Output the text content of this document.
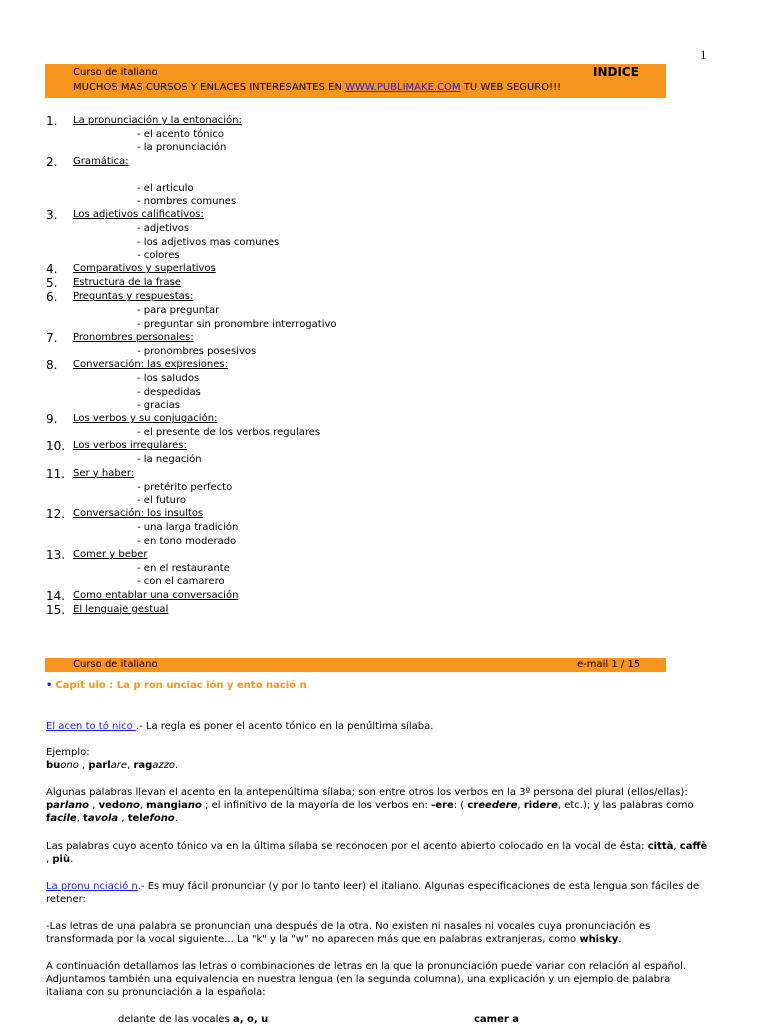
1
Curso de italiano
MUCHOS MAS CURSOS Y ENLACES INTERESANTES EN WWW.PUBLIMAKE.COM TU WEB SEGURO!!!
INDICE
1. La pronunciación y la entonación:
- el acento tónico
- la pronunciación
2. Gramática:
- el articulo
- nombres comunes
3. Los adjetivos calificativos:
- adjetivos
- los adjetivos mas comunes
- colores
4. Comparativos y superlativos
5. Estructura de la frase
6. Preguntas y respuestas:
- para preguntar
- preguntar sin pronombre interrogativo
7. Pronombres personales:
- pronombres posesivos
8. Conversación: las expresiones:
- los saludos
- despedidas
- gracias
9. Los verbos y su conjugación:
- el presente de los verbos regulares
10. Los verbos irregulares:
- la negación
11. Ser y haber:
- pretérito perfecto
- el futuro
12. Conversación: los insultos
- una larga tradición
- en tono moderado
13. Comer y beber
- en el restaurante
- con el camarero
14. Como entablar una conversación
15. El lenguaje gestual
Curso de italiano	e-mail 1 / 15
• Capít ulo : La p ron unciac ión y ento nació n
El acen to tó nico .- La regla es poner el acento tónico en la penúltima sílaba.
Ejemplo:
buono , parlare, ragazzo.
Algunas palabras llevan el acento en la antepenúltima sílaba; son entre otros los verbos en la 3º persona del plural (ellos/ellas): parlano , vedono, mangiano ; el infinitivo de la mayoría de los verbos en: -ere: ( creedere, ridere, etc.); y las palabras como facile, tavola , telefono.
Las palabras cuyo acento tónico va en la última sílaba se reconocen por el acento abierto colocado en la vocal de ésta: città, caffè , più.
La pronu nciació n.- Es muy fácil pronunciar (y por lo tanto leer) el italiano. Algunas especificaciones de esta lengua son fáciles de retener:
-Las letras de una palabra se pronuncian una después de la otra. No existen ni nasales ni vocales cuya pronunciación es transformada por la vocal siguiente... La "k" y la "w" no aparecen más que en palabras extranjeras, como whisky.
A continuación detallamos las letras o combinaciones de letras en la que la pronunciación puede variar con relación al español. Adjuntamos también una equivalencia en nuestra lengua (en la segunda columna), una explicación y un ejemplo de palabra italiana con su pronunciación a la española:
delante de las vocales a, o, u	camer a
